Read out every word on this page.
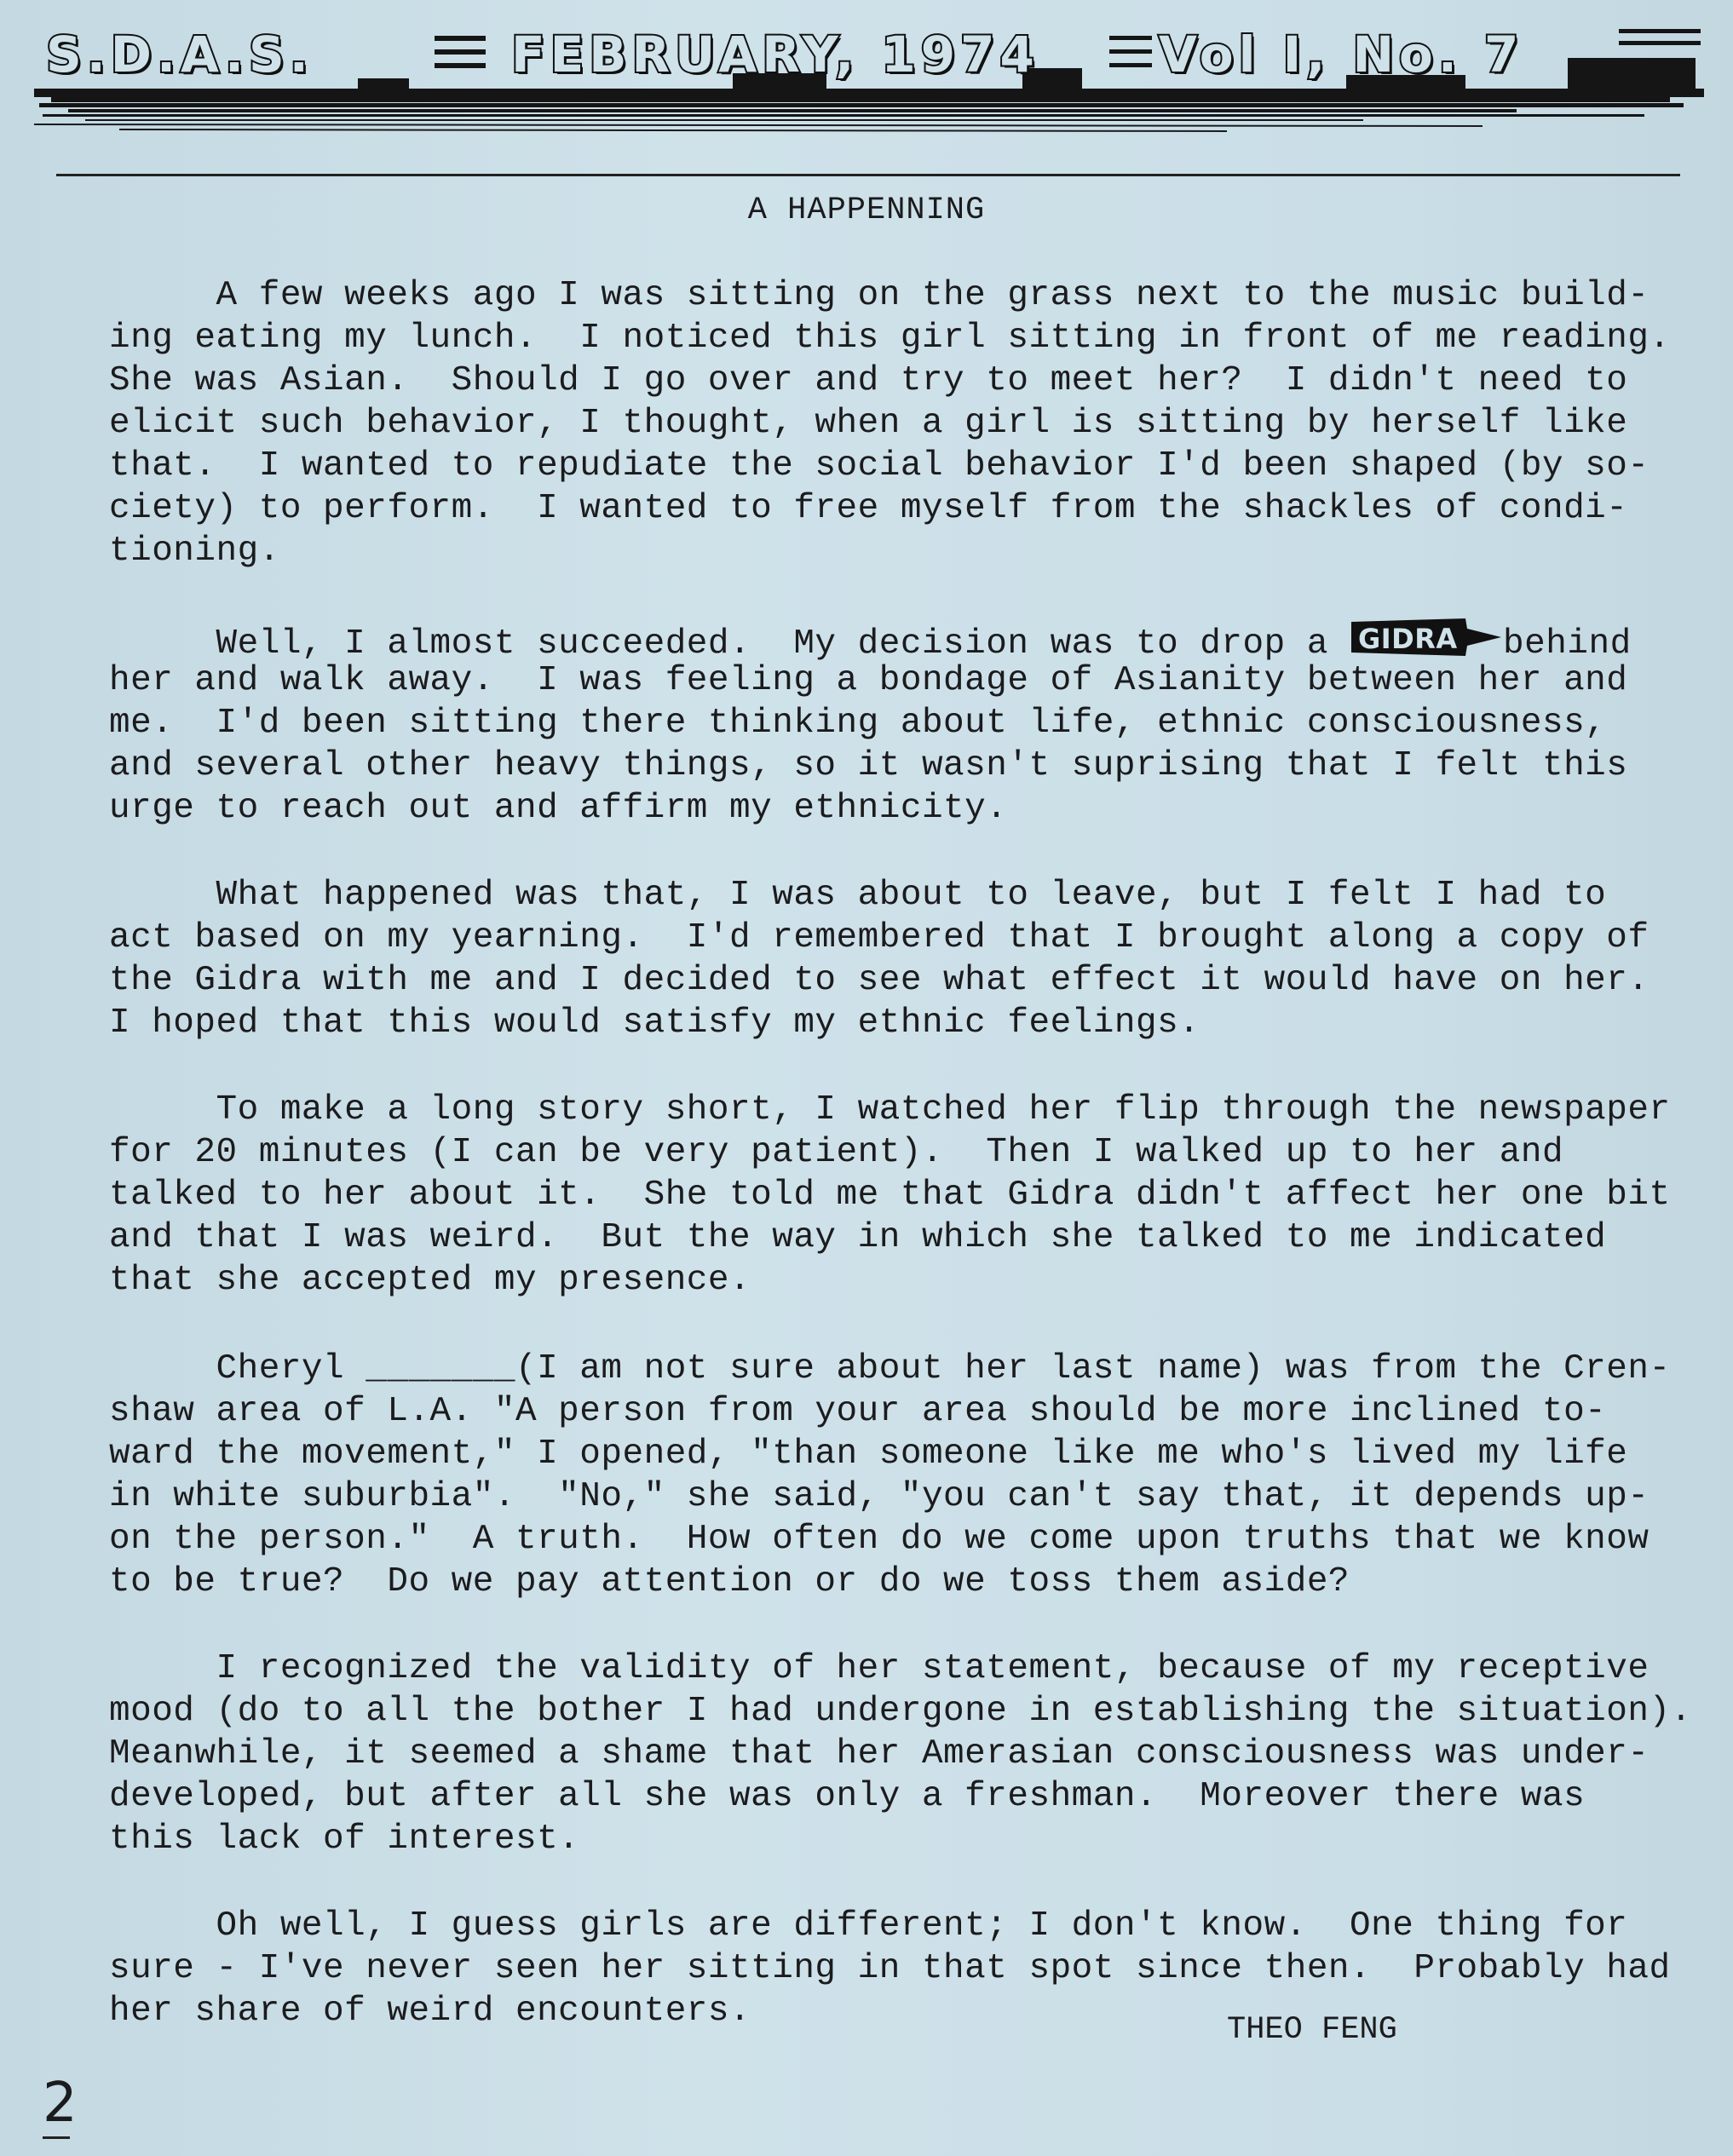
S.D.A.S.	FEBRUARY, 1974 Vol I, No. 7
A HAPPENNING
A few weeks ago I was sitting on the grass next to the music build-
ing eating my lunch.  I noticed this girl sitting in front of me reading.
She was Asian.  Should I go over and try to meet her?  I didn't need to
elicit such behavior, I thought, when a girl is sitting by herself like
that.  I wanted to repudiate the social behavior I'd been shaped (by so-
ciety) to perform.  I wanted to free myself from the shackles of condi-
tioning.
Well, I almost succeeded.  My decision was to drop a GIDRA behind
her and walk away.  I was feeling a bondage of Asianity between her and
me.  I'd been sitting there thinking about life, ethnic consciousness,
and several other heavy things, so it wasn't suprising that I felt this
urge to reach out and affirm my ethnicity.
What happened was that, I was about to leave, but I felt I had to
act based on my yearning.  I'd remembered that I brought along a copy of
the Gidra with me and I decided to see what effect it would have on her.
I hoped that this would satisfy my ethnic feelings.
To make a long story short, I watched her flip through the newspaper
for 20 minutes (I can be very patient).  Then I walked up to her and
talked to her about it.  She told me that Gidra didn't affect her one bit
and that I was weird.  But the way in which she talked to me indicated
that she accepted my presence.
Cheryl _______(I am not sure about her last name) was from the Cren-
shaw area of L.A. "A person from your area should be more inclined to-
ward the movement," I opened, "than someone like me who's lived my life
in white suburbia".  "No," she said, "you can't say that, it depends up-
on the person."  A truth.  How often do we come upon truths that we know
to be true?  Do we pay attention or do we toss them aside?
I recognized the validity of her statement, because of my receptive
mood (do to all the bother I had undergone in establishing the situation).
Meanwhile, it seemed a shame that her Amerasian consciousness was under-
developed, but after all she was only a freshman.  Moreover there was
this lack of interest.
Oh well, I guess girls are different; I don't know.  One thing for
sure - I've never seen her sitting in that spot since then.  Probably had
her share of weird encounters.	THEO FENG
2
